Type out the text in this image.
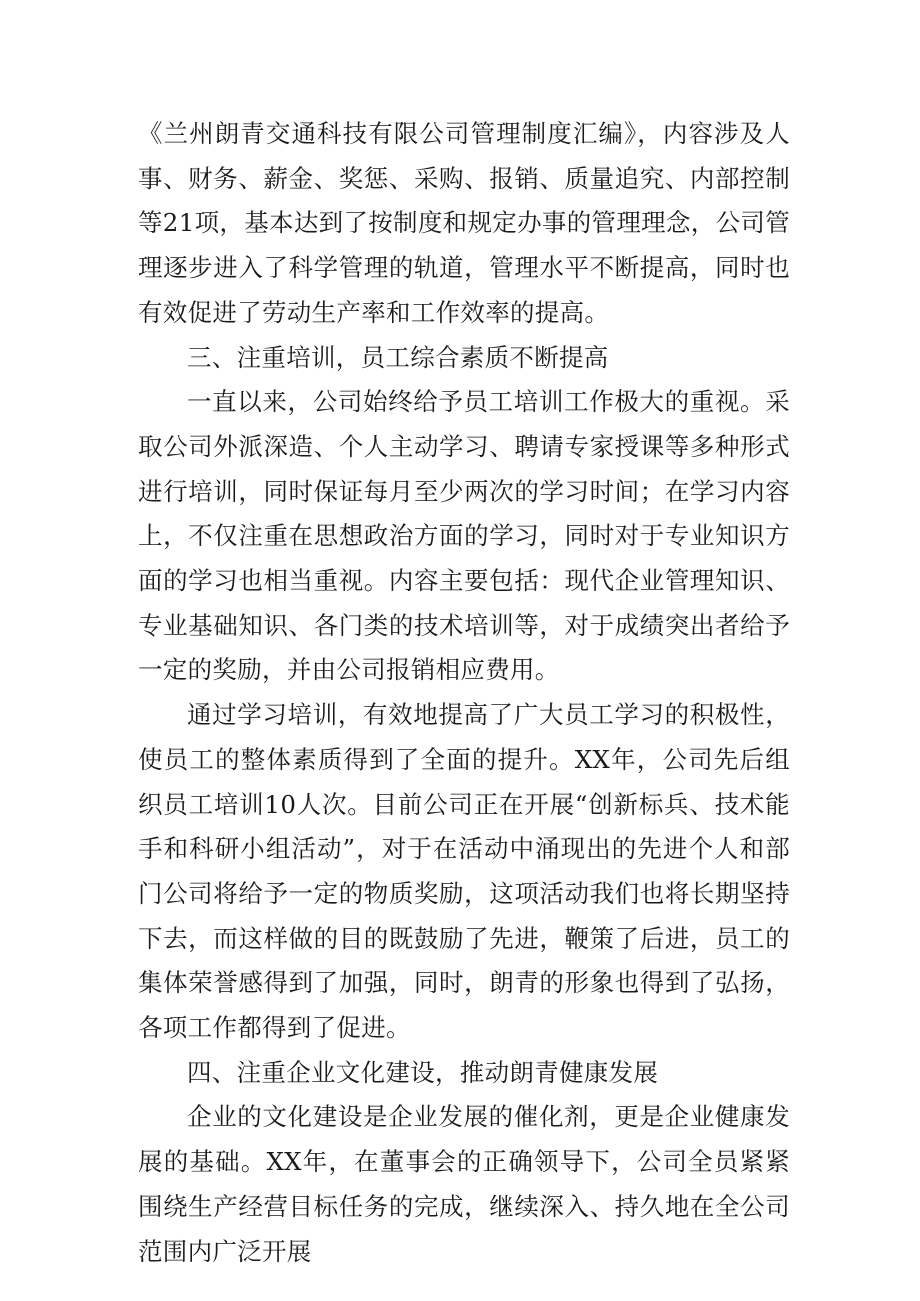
《兰州朗青交通科技有限公司管理制度汇编》，内容涉及人事、财务、薪金、奖惩、采购、报销、质量追究、内部控制等21项，基本达到了按制度和规定办事的管理理念，公司管理逐步进入了科学管理的轨道，管理水平不断提高，同时也有效促进了劳动生产率和工作效率的提高。

三、注重培训，员工综合素质不断提高

一直以来，公司始终给予员工培训工作极大的重视。采取公司外派深造、个人主动学习、聘请专家授课等多种形式进行培训，同时保证每月至少两次的学习时间；在学习内容上，不仅注重在思想政治方面的学习，同时对于专业知识方面的学习也相当重视。内容主要包括：现代企业管理知识、专业基础知识、各门类的技术培训等，对于成绩突出者给予一定的奖励，并由公司报销相应费用。

通过学习培训，有效地提高了广大员工学习的积极性，使员工的整体素质得到了全面的提升。XX年，公司先后组织员工培训10人次。目前公司正在开展“创新标兵、技术能手和科研小组活动”，对于在活动中涌现出的先进个人和部门公司将给予一定的物质奖励，这项活动我们也将长期坚持下去，而这样做的目的既鼓励了先进，鞭策了后进，员工的集体荣誉感得到了加强，同时，朗青的形象也得到了弘扬，各项工作都得到了促进。

四、注重企业文化建设，推动朗青健康发展

企业的文化建设是企业发展的催化剂，更是企业健康发展的基础。XX年，在董事会的正确领导下，公司全员紧紧围绕生产经营目标任务的完成，继续深入、持久地在全公司范围内广泛开展
